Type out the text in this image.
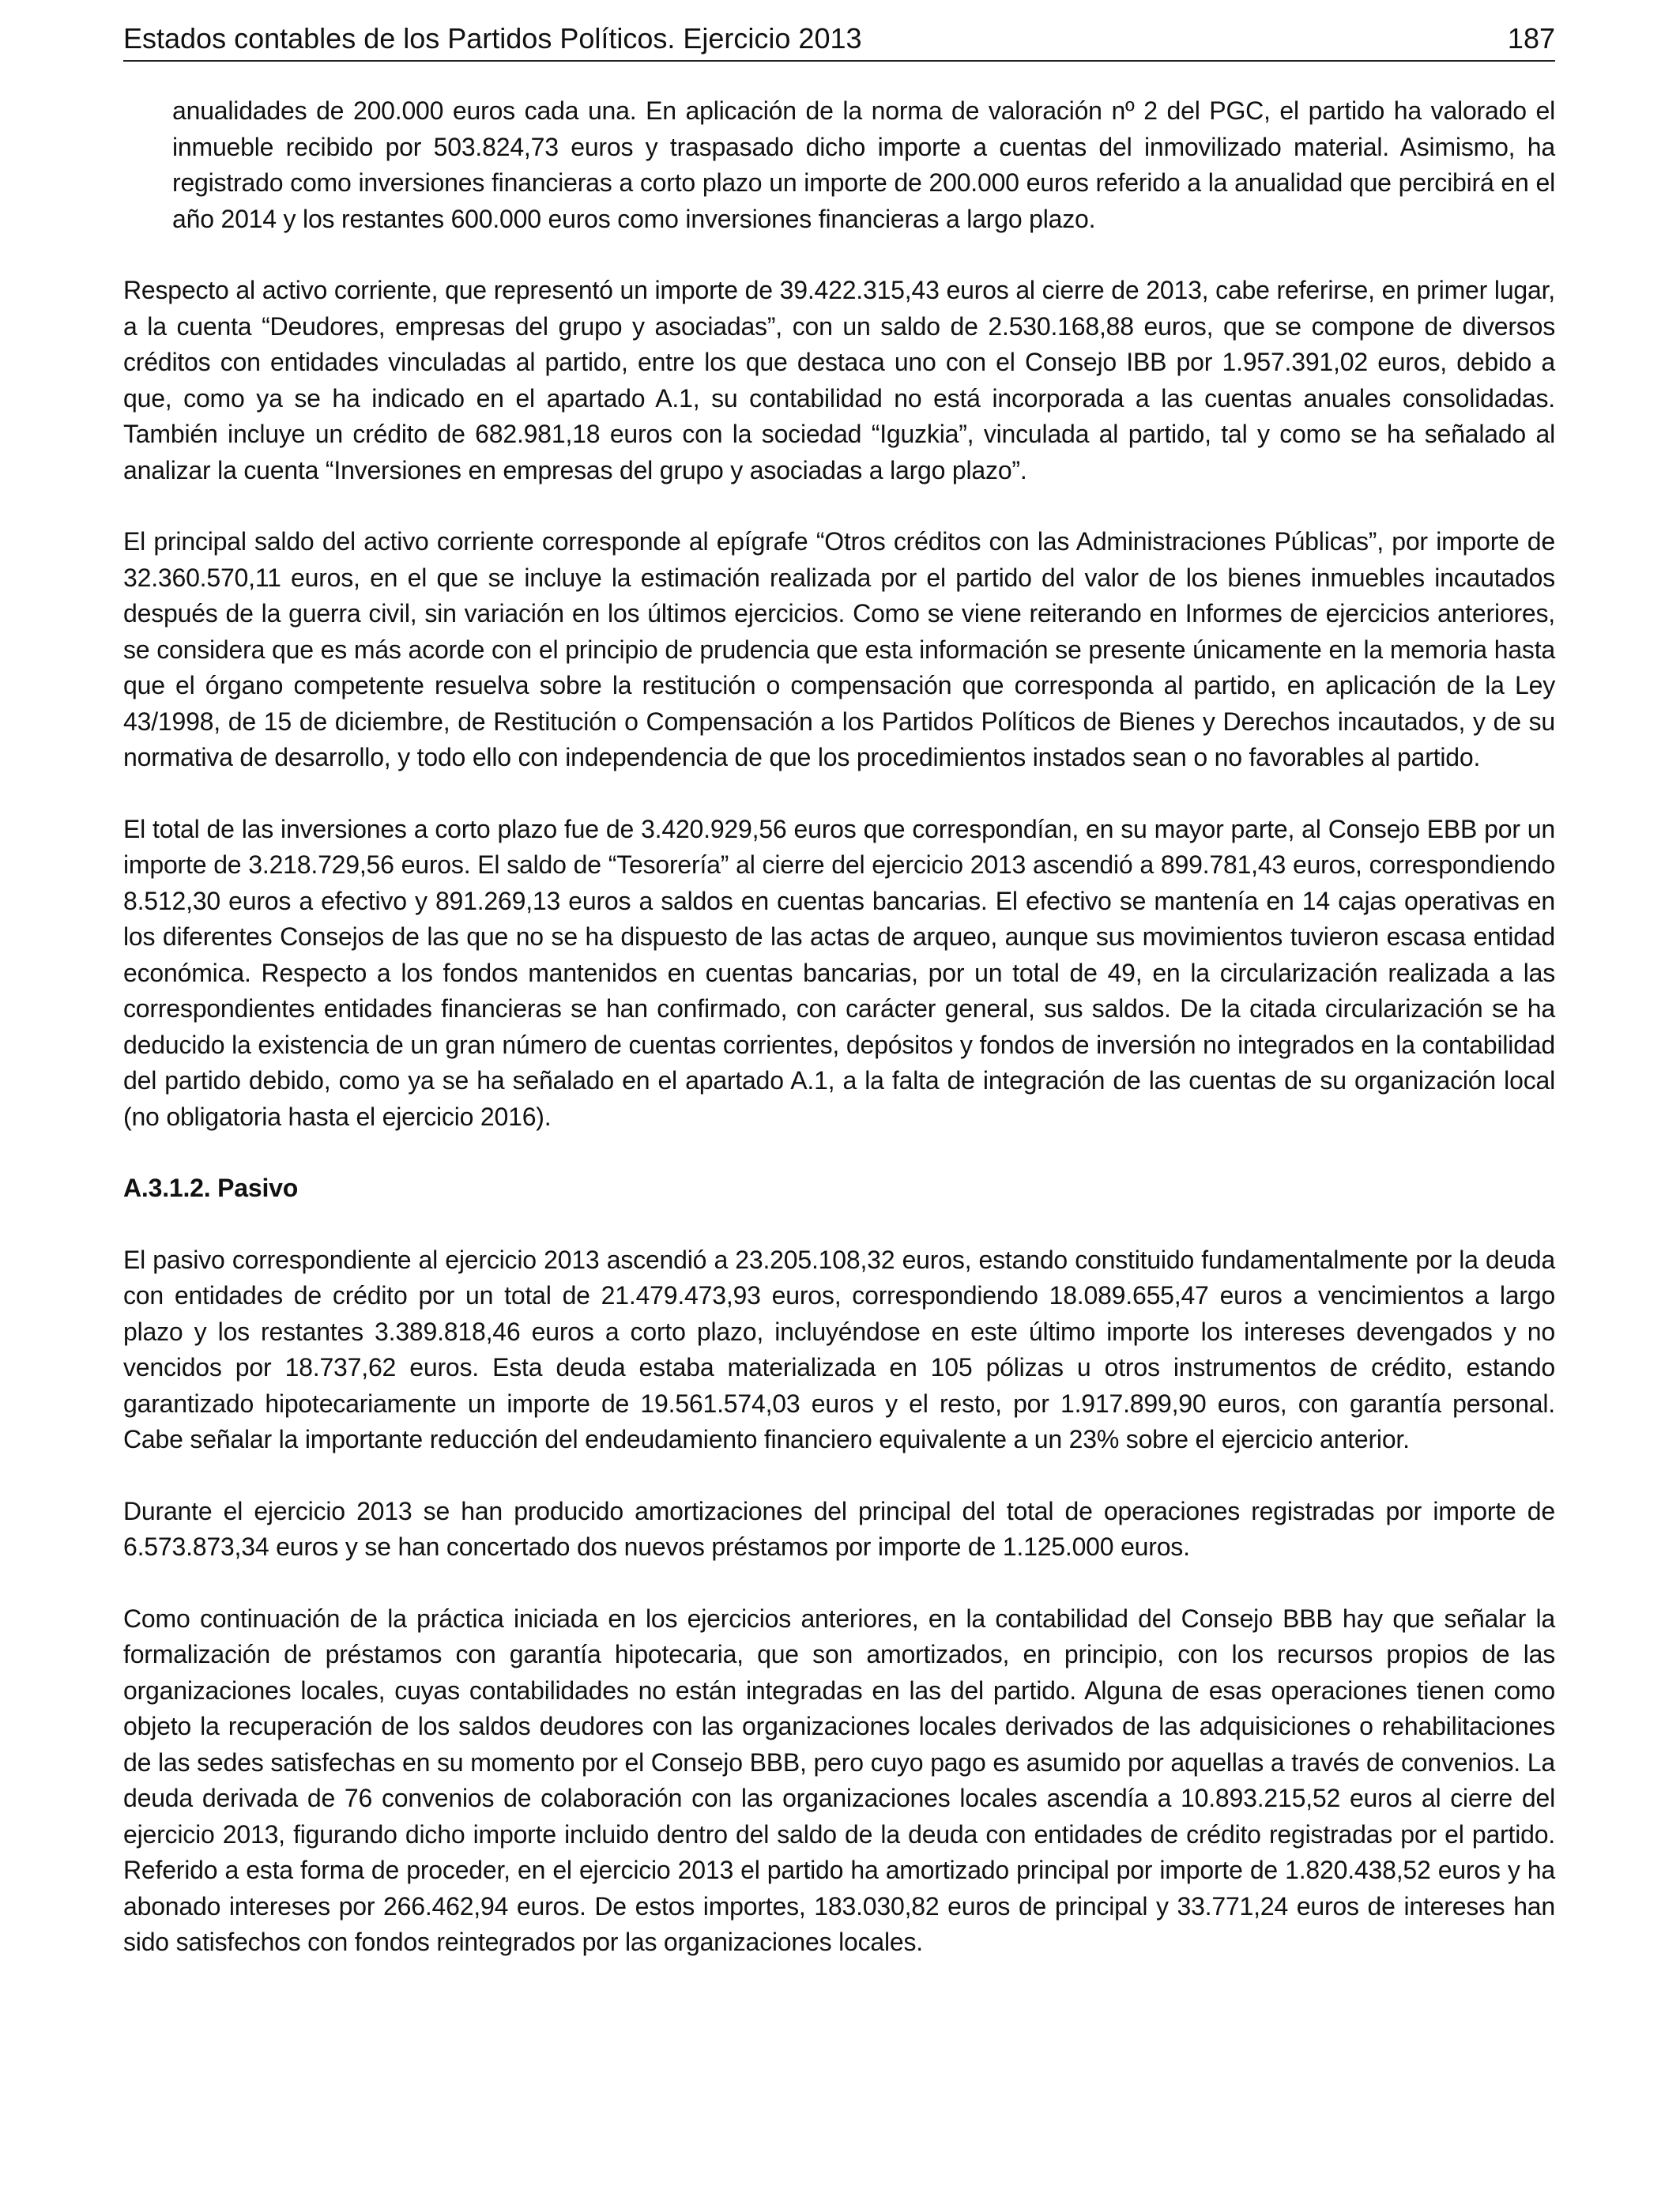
Estados contables de los Partidos Políticos. Ejercicio 2013	187

anualidades de 200.000 euros cada una. En aplicación de la norma de valoración nº 2 del PGC, el partido ha valorado el inmueble recibido por 503.824,73 euros y traspasado dicho importe a cuentas del inmovilizado material. Asimismo, ha registrado como inversiones financieras a corto plazo un importe de 200.000 euros referido a la anualidad que percibirá en el año 2014 y los restantes 600.000 euros como inversiones financieras a largo plazo.

Respecto al activo corriente, que representó un importe de 39.422.315,43 euros al cierre de 2013, cabe referirse, en primer lugar, a la cuenta “Deudores, empresas del grupo y asociadas”, con un saldo de 2.530.168,88 euros, que se compone de diversos créditos con entidades vinculadas al partido, entre los que destaca uno con el Consejo IBB por 1.957.391,02 euros, debido a que, como ya se ha indicado en el apartado A.1, su contabilidad no está incorporada a las cuentas anuales consolidadas. También incluye un crédito de 682.981,18 euros con la sociedad “Iguzkia”, vinculada al partido, tal y como se ha señalado al analizar la cuenta “Inversiones en empresas del grupo y asociadas a largo plazo”.

El principal saldo del activo corriente corresponde al epígrafe “Otros créditos con las Administraciones Públicas”, por importe de 32.360.570,11 euros, en el que se incluye la estimación realizada por el partido del valor de los bienes inmuebles incautados después de la guerra civil, sin variación en los últimos ejercicios. Como se viene reiterando en Informes de ejercicios anteriores, se considera que es más acorde con el principio de prudencia que esta información se presente únicamente en la memoria hasta que el órgano competente resuelva sobre la restitución o compensación que corresponda al partido, en aplicación de la Ley 43/1998, de 15 de diciembre, de Restitución o Compensación a los Partidos Políticos de Bienes y Derechos incautados, y de su normativa de desarrollo, y todo ello con independencia de que los procedimientos instados sean o no favorables al partido.

El total de las inversiones a corto plazo fue de 3.420.929,56 euros que correspondían, en su mayor parte, al Consejo EBB por un importe de 3.218.729,56 euros. El saldo de “Tesorería” al cierre del ejercicio 2013 ascendió a 899.781,43 euros, correspondiendo 8.512,30 euros a efectivo y 891.269,13 euros a saldos en cuentas bancarias. El efectivo se mantenía en 14 cajas operativas en los diferentes Consejos de las que no se ha dispuesto de las actas de arqueo, aunque sus movimientos tuvieron escasa entidad económica. Respecto a los fondos mantenidos en cuentas bancarias, por un total de 49, en la circularización realizada a las correspondientes entidades financieras se han confirmado, con carácter general, sus saldos. De la citada circularización se ha deducido la existencia de un gran número de cuentas corrientes, depósitos y fondos de inversión no integrados en la contabilidad del partido debido, como ya se ha señalado en el apartado A.1, a la falta de integración de las cuentas de su organización local (no obligatoria hasta el ejercicio 2016).

A.3.1.2. Pasivo

El pasivo correspondiente al ejercicio 2013 ascendió a 23.205.108,32 euros, estando constituido fundamentalmente por la deuda con entidades de crédito por un total de 21.479.473,93 euros, correspondiendo 18.089.655,47 euros a vencimientos a largo plazo y los restantes 3.389.818,46 euros a corto plazo, incluyéndose en este último importe los intereses devengados y no vencidos por 18.737,62 euros. Esta deuda estaba materializada en 105 pólizas u otros instrumentos de crédito, estando garantizado hipotecariamente un importe de 19.561.574,03 euros y el resto, por 1.917.899,90 euros, con garantía personal. Cabe señalar la importante reducción del endeudamiento financiero equivalente a un 23% sobre el ejercicio anterior.

Durante el ejercicio 2013 se han producido amortizaciones del principal del total de operaciones registradas por importe de 6.573.873,34 euros y se han concertado dos nuevos préstamos por importe de 1.125.000 euros.

Como continuación de la práctica iniciada en los ejercicios anteriores, en la contabilidad del Consejo BBB hay que señalar la formalización de préstamos con garantía hipotecaria, que son amortizados, en principio, con los recursos propios de las organizaciones locales, cuyas contabilidades no están integradas en las del partido. Alguna de esas operaciones tienen como objeto la recuperación de los saldos deudores con las organizaciones locales derivados de las adquisiciones o rehabilitaciones de las sedes satisfechas en su momento por el Consejo BBB, pero cuyo pago es asumido por aquellas a través de convenios. La deuda derivada de 76 convenios de colaboración con las organizaciones locales ascendía a 10.893.215,52 euros al cierre del ejercicio 2013, figurando dicho importe incluido dentro del saldo de la deuda con entidades de crédito registradas por el partido. Referido a esta forma de proceder, en el ejercicio 2013 el partido ha amortizado principal por importe de 1.820.438,52 euros y ha abonado intereses por 266.462,94 euros. De estos importes, 183.030,82 euros de principal y 33.771,24 euros de intereses han sido satisfechos con fondos reintegrados por las organizaciones locales.
